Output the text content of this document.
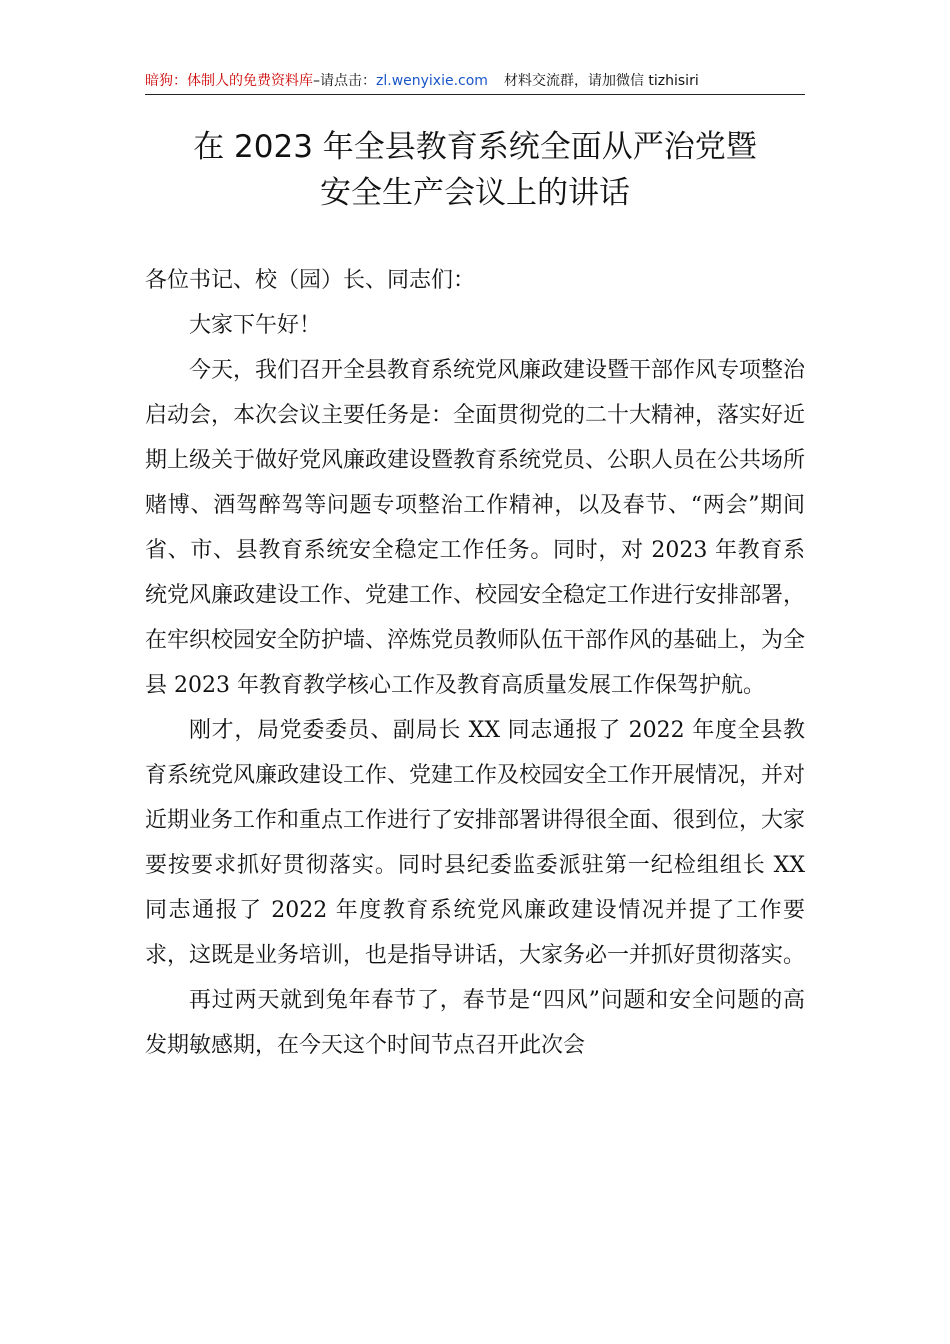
暗狗：体制人的免费资料库–请点击：zl.wenyixie.com 材料交流群，请加微信 tizhisiri
在 2023 年全县教育系统全面从严治党暨
安全生产会议上的讲话

各位书记、校（园）长、同志们：

大家下午好！

今天，我们召开全县教育系统党风廉政建设暨干部作风专项整治启动会，本次会议主要任务是：全面贯彻党的二十大精神，落实好近期上级关于做好党风廉政建设暨教育系统党员、公职人员在公共场所赌博、酒驾醉驾等问题专项整治工作精神，以及春节、“两会”期间省、市、县教育系统安全稳定工作任务。同时，对 2023 年教育系统党风廉政建设工作、党建工作、校园安全稳定工作进行安排部署，在牢织校园安全防护墙、淬炼党员教师队伍干部作风的基础上，为全县 2023 年教育教学核心工作及教育高质量发展工作保驾护航。

刚才，局党委委员、副局长 XX 同志通报了 2022 年度全县教育系统党风廉政建设工作、党建工作及校园安全工作开展情况，并对近期业务工作和重点工作进行了安排部署讲得很全面、很到位，大家要按要求抓好贯彻落实。同时县纪委监委派驻第一纪检组组长 XX 同志通报了 2022 年度教育系统党风廉政建设情况并提了工作要求，这既是业务培训，也是指导讲话，大家务必一并抓好贯彻落实。

再过两天就到兔年春节了，春节是“四风”问题和安全问题的高发期敏感期，在今天这个时间节点召开此次会
